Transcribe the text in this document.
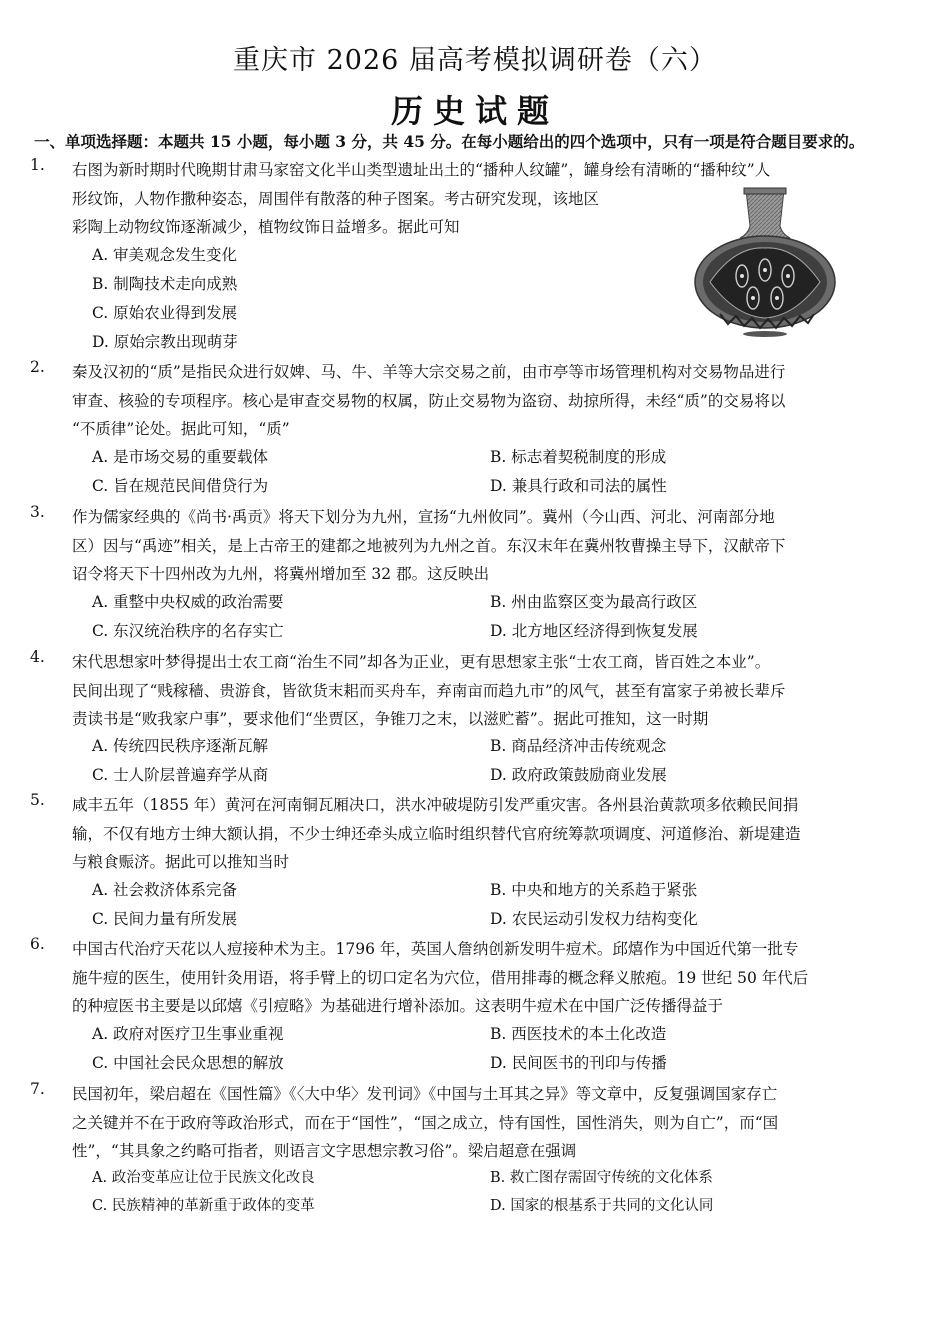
重庆市 2026 届高考模拟调研卷（六）
历史试题
一、单项选择题：本题共 15 小题，每小题 3 分，共 45 分。在每小题给出的四个选项中，只有一项是符合题目要求的。
1.	右图为新时期时代晚期甘肃马家窑文化半山类型遗址出土的“播种人纹罐”，罐身绘有清晰的“播种纹”人
形纹饰，人物作撒种姿态，周围伴有散落的种子图案。考古研究发现，该地区
彩陶上动物纹饰逐渐减少，植物纹饰日益增多。据此可知
A. 审美观念发生变化
B. 制陶技术走向成熟
C. 原始农业得到发展
D. 原始宗教出现萌芽
2.	秦及汉初的“质”是指民众进行奴婢、马、牛、羊等大宗交易之前，由市亭等市场管理机构对交易物品进行
审查、核验的专项程序。核心是审查交易物的权属，防止交易物为盗窃、劫掠所得，未经“质”的交易将以
“不质律”论处。据此可知，“质”
A. 是市场交易的重要载体	B. 标志着契税制度的形成
C. 旨在规范民间借贷行为	D. 兼具行政和司法的属性
3.	作为儒家经典的《尚书·禹贡》将天下划分为九州，宣扬“九州攸同”。冀州（今山西、河北、河南部分地
区）因与“禹迹”相关，是上古帝王的建都之地被列为九州之首。东汉末年在冀州牧曹操主导下，汉献帝下
诏令将天下十四州改为九州，将冀州增加至 32 郡。这反映出
A. 重整中央权威的政治需要	B. 州由监察区变为最高行政区
C. 东汉统治秩序的名存实亡	D. 北方地区经济得到恢复发展
4.	宋代思想家叶梦得提出士农工商“治生不同”却各为正业，更有思想家主张“士农工商，皆百姓之本业”。
民间出现了“贱稼穑、贵游食，皆欲货末耜而买舟车，弃南亩而趋九市”的风气，甚至有富家子弟被长辈斥
责读书是“败我家户事”，要求他们“坐贾区，争锥刀之末，以滋贮蓄”。据此可推知，这一时期
A. 传统四民秩序逐渐瓦解	B. 商品经济冲击传统观念
C. 士人阶层普遍弃学从商	D. 政府政策鼓励商业发展
5.	咸丰五年（1855 年）黄河在河南铜瓦厢决口，洪水冲破堤防引发严重灾害。各州县治黄款项多依赖民间捐
输，不仅有地方士绅大额认捐，不少士绅还牵头成立临时组织替代官府统筹款项调度、河道修治、新堤建造
与粮食赈济。据此可以推知当时
A. 社会救济体系完备	B. 中央和地方的关系趋于紧张
C. 民间力量有所发展	D. 农民运动引发权力结构变化
6.	中国古代治疗天花以人痘接种术为主。1796 年，英国人詹纳创新发明牛痘术。邱熺作为中国近代第一批专
施牛痘的医生，使用针灸用语，将手臂上的切口定名为穴位，借用排毒的概念释义脓疱。19 世纪 50 年代后
的种痘医书主要是以邱熺《引痘略》为基础进行增补添加。这表明牛痘术在中国广泛传播得益于
A. 政府对医疗卫生事业重视	B. 西医技术的本土化改造
C. 中国社会民众思想的解放	D. 民间医书的刊印与传播
7.	民国初年，梁启超在《国性篇》《〈大中华〉发刊词》《中国与土耳其之异》等文章中，反复强调国家存亡
之关键并不在于政府等政治形式，而在于“国性”，“国之成立，恃有国性，国性消失，则为自亡”，而“国
性”，“其具象之约略可指者，则语言文字思想宗教习俗”。梁启超意在强调
A. 政治变革应让位于民族文化改良	B. 救亡图存需固守传统的文化体系
C. 民族精神的革新重于政体的变革	D. 国家的根基系于共同的文化认同
